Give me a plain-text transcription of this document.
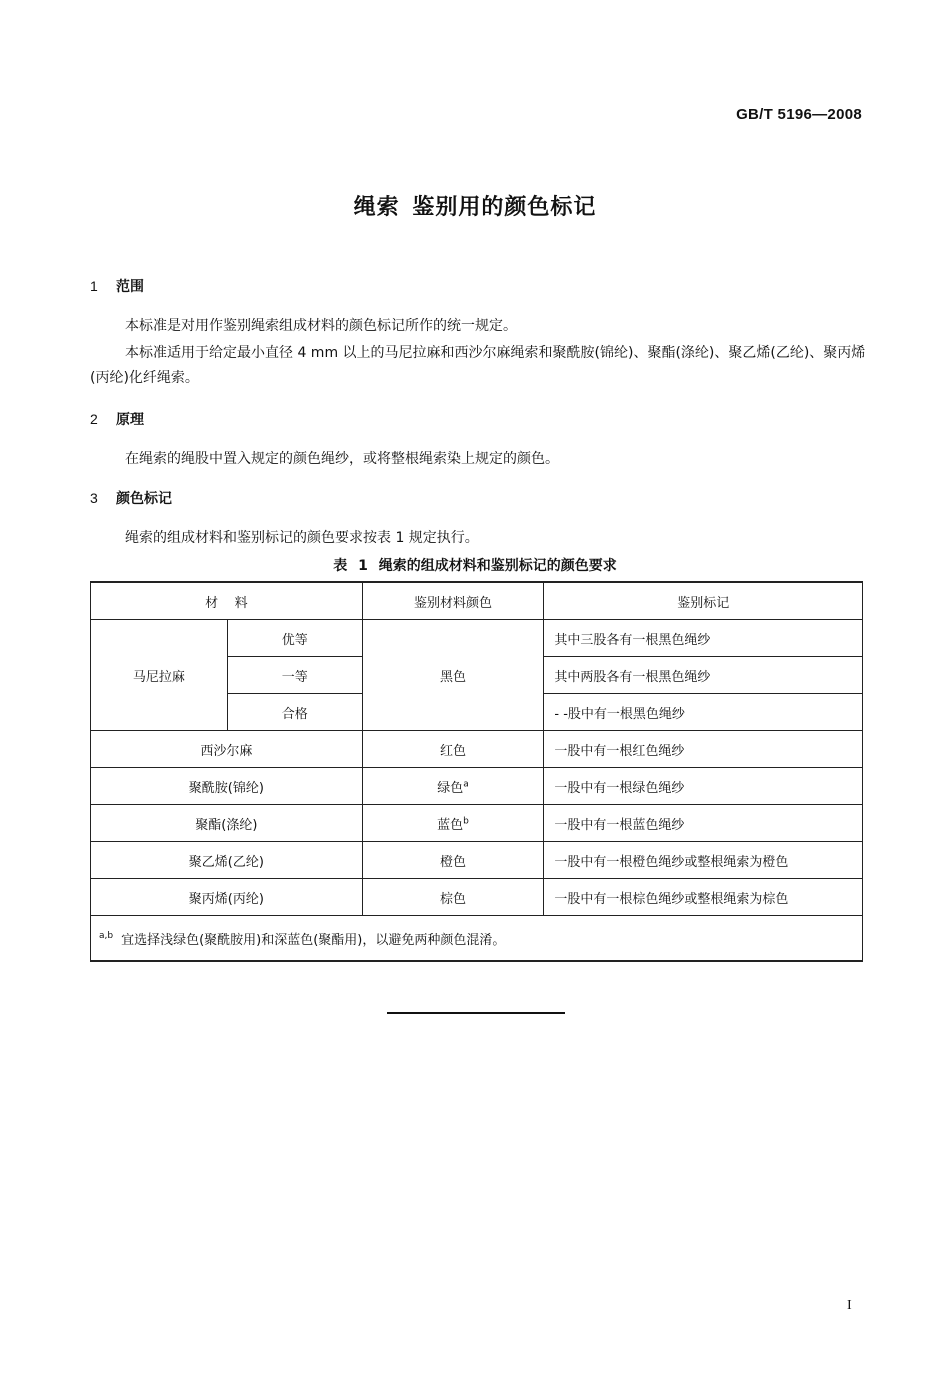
GB/T 5196—2008
绳索 鉴别用的颜色标记
1 范围
本标准是对用作鉴别绳索组成材料的颜色标记所作的统一规定。
本标准适用于给定最小直径 4 mm 以上的马尼拉麻和西沙尔麻绳索和聚酰胺(锦纶)、聚酯(涤纶)、聚乙烯(乙纶)、聚丙烯(丙纶)化纤绳索。
2 原理
在绳索的绳股中置入规定的颜色绳纱，或将整根绳索染上规定的颜色。
3 颜色标记
绳索的组成材料和鉴别标记的颜色要求按表 1 规定执行。
表 1 绳索的组成材料和鉴别标记的颜色要求
材    料		鉴别材料颜色	鉴别标记
马尼拉麻	优等	黑色	其中三股各有一根黑色绳纱
	一等		其中两股各有一根黑色绳纱
	合格		- -股中有一根黑色绳纱
西沙尔麻		红色	一股中有一根红色绳纱
聚酰胺(锦纶)		绿色$^a$	一股中有一根绿色绳纱
聚酯(涤纶)		蓝色$^b$	一股中有一根蓝色绳纱
聚乙烯(乙纶)		橙色	一股中有一根橙色绳纱或整根绳索为橙色
聚丙烯(丙纶)		棕色	一股中有一根棕色绳纱或整根绳索为棕色
$^{a,b}$ 宜选择浅绿色(聚酰胺用)和深蓝色(聚酯用)，以避免两种颜色混淆。			
I
